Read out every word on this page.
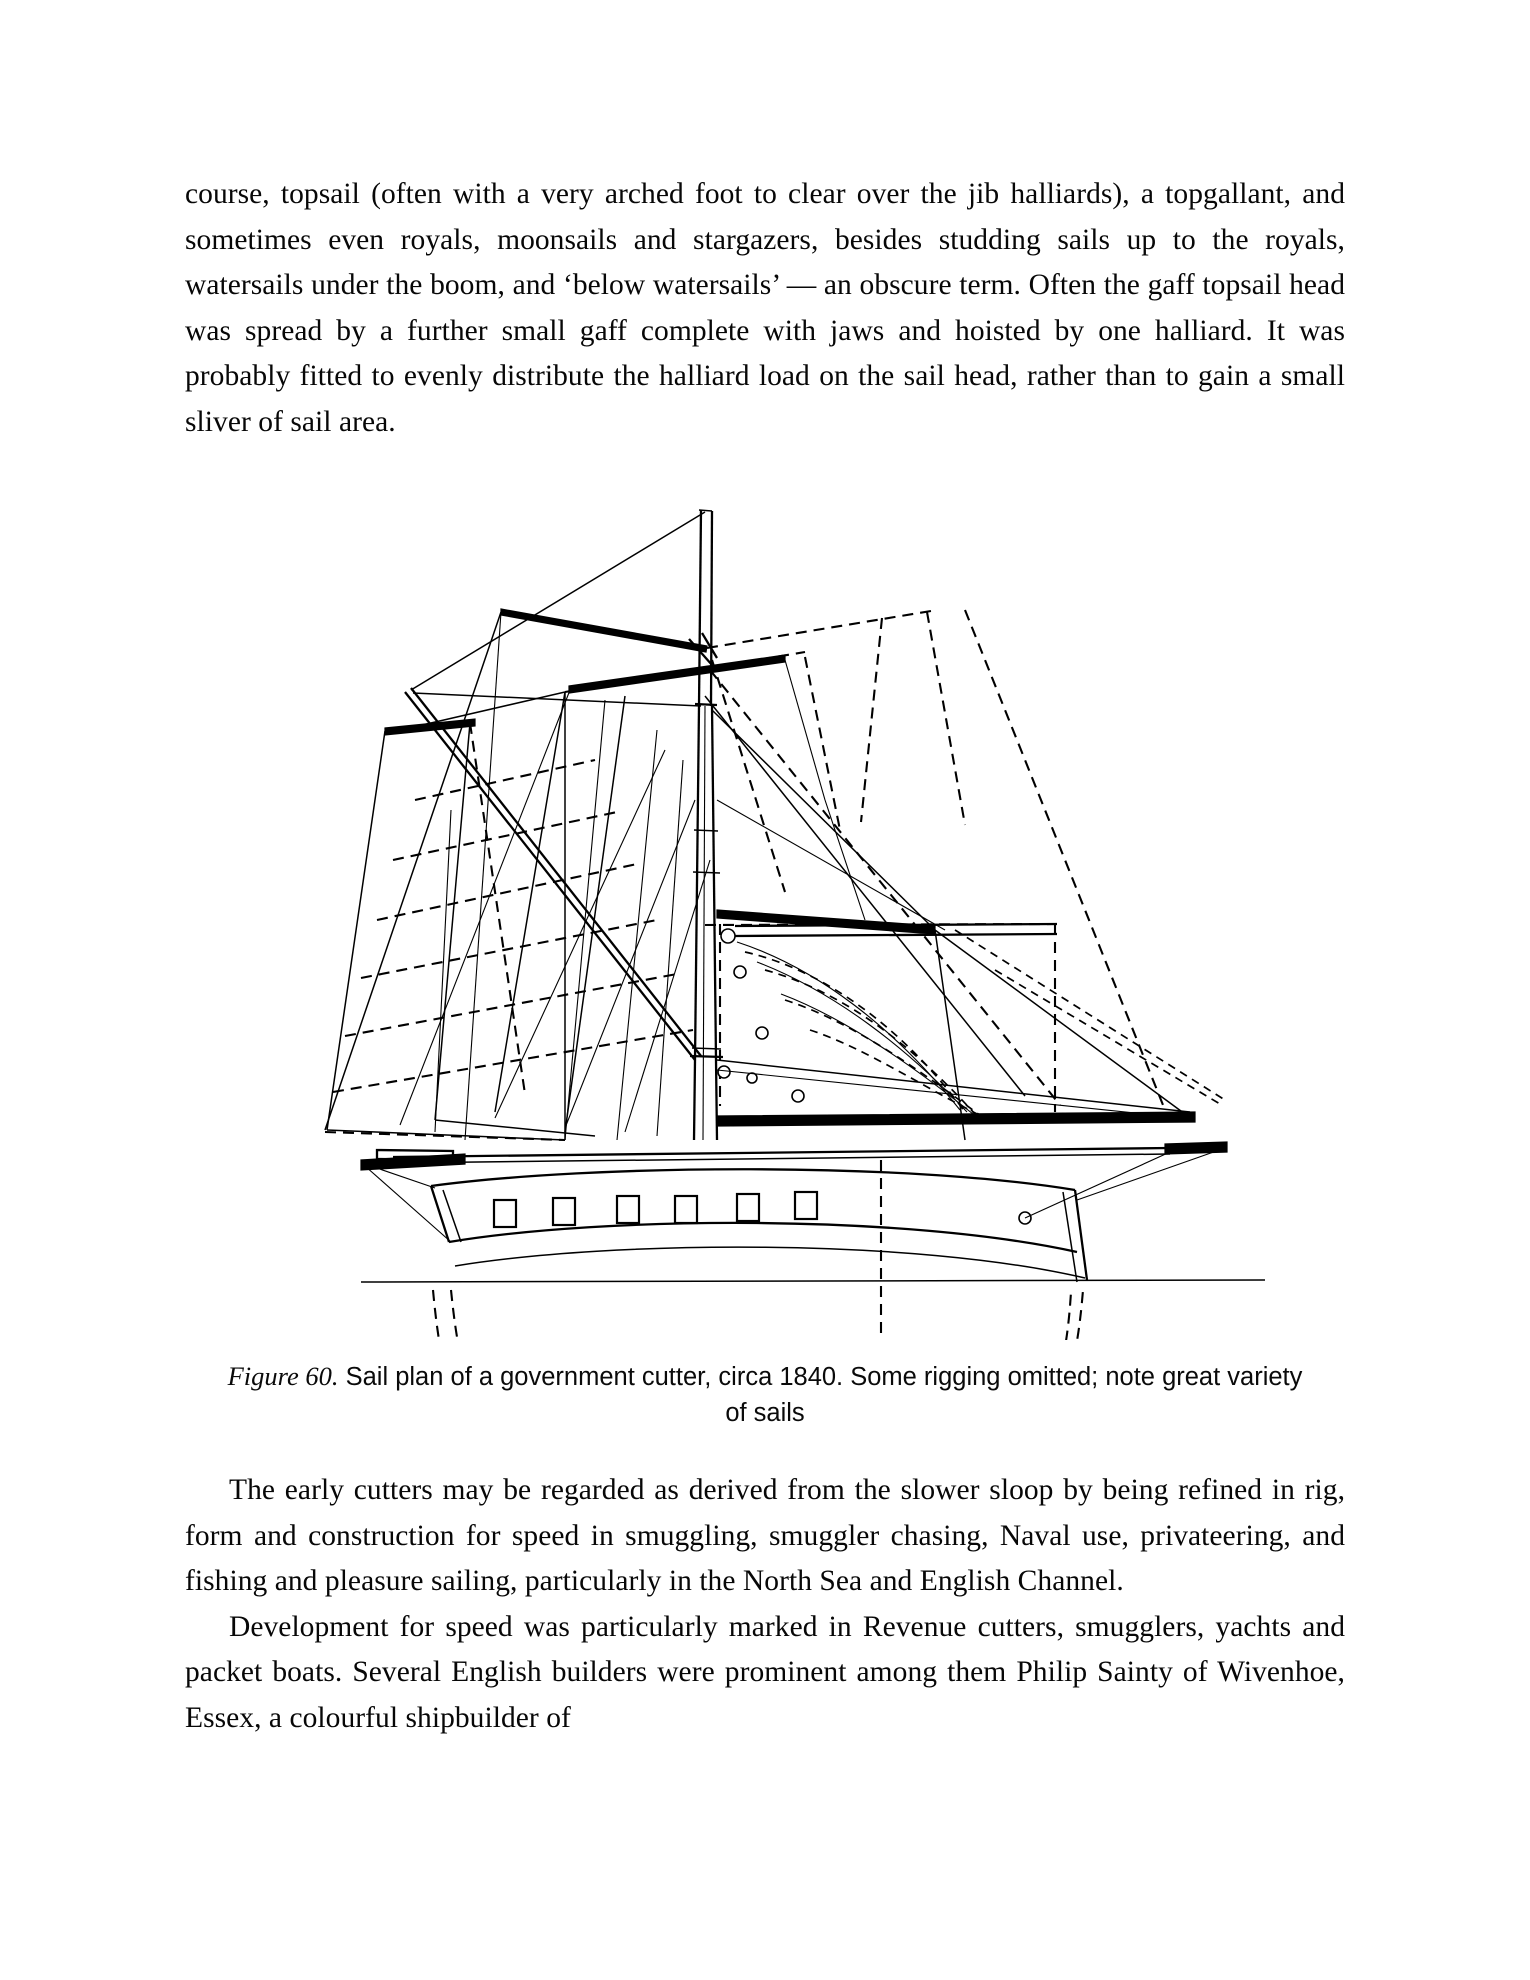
course, topsail (often with a very arched foot to clear over the jib halliards), a topgallant, and sometimes even royals, moonsails and stargazers, besides studding sails up to the royals, watersails under the boom, and ‘below watersails’ — an obscure term. Often the gaff topsail head was spread by a further small gaff complete with jaws and hoisted by one halliard. It was probably fitted to evenly distribute the halliard load on the sail head, rather than to gain a small sliver of sail area.

Figure 60. Sail plan of a government cutter, circa 1840. Some rigging omitted; note great variety of sails

The early cutters may be regarded as derived from the slower sloop by being refined in rig, form and construction for speed in smuggling, smuggler chasing, Naval use, privateering, and fishing and pleasure sailing, particularly in the North Sea and English Channel.

Development for speed was particularly marked in Revenue cutters, smugglers, yachts and packet boats. Several English builders were prominent among them Philip Sainty of Wivenhoe, Essex, a colourful shipbuilder of
